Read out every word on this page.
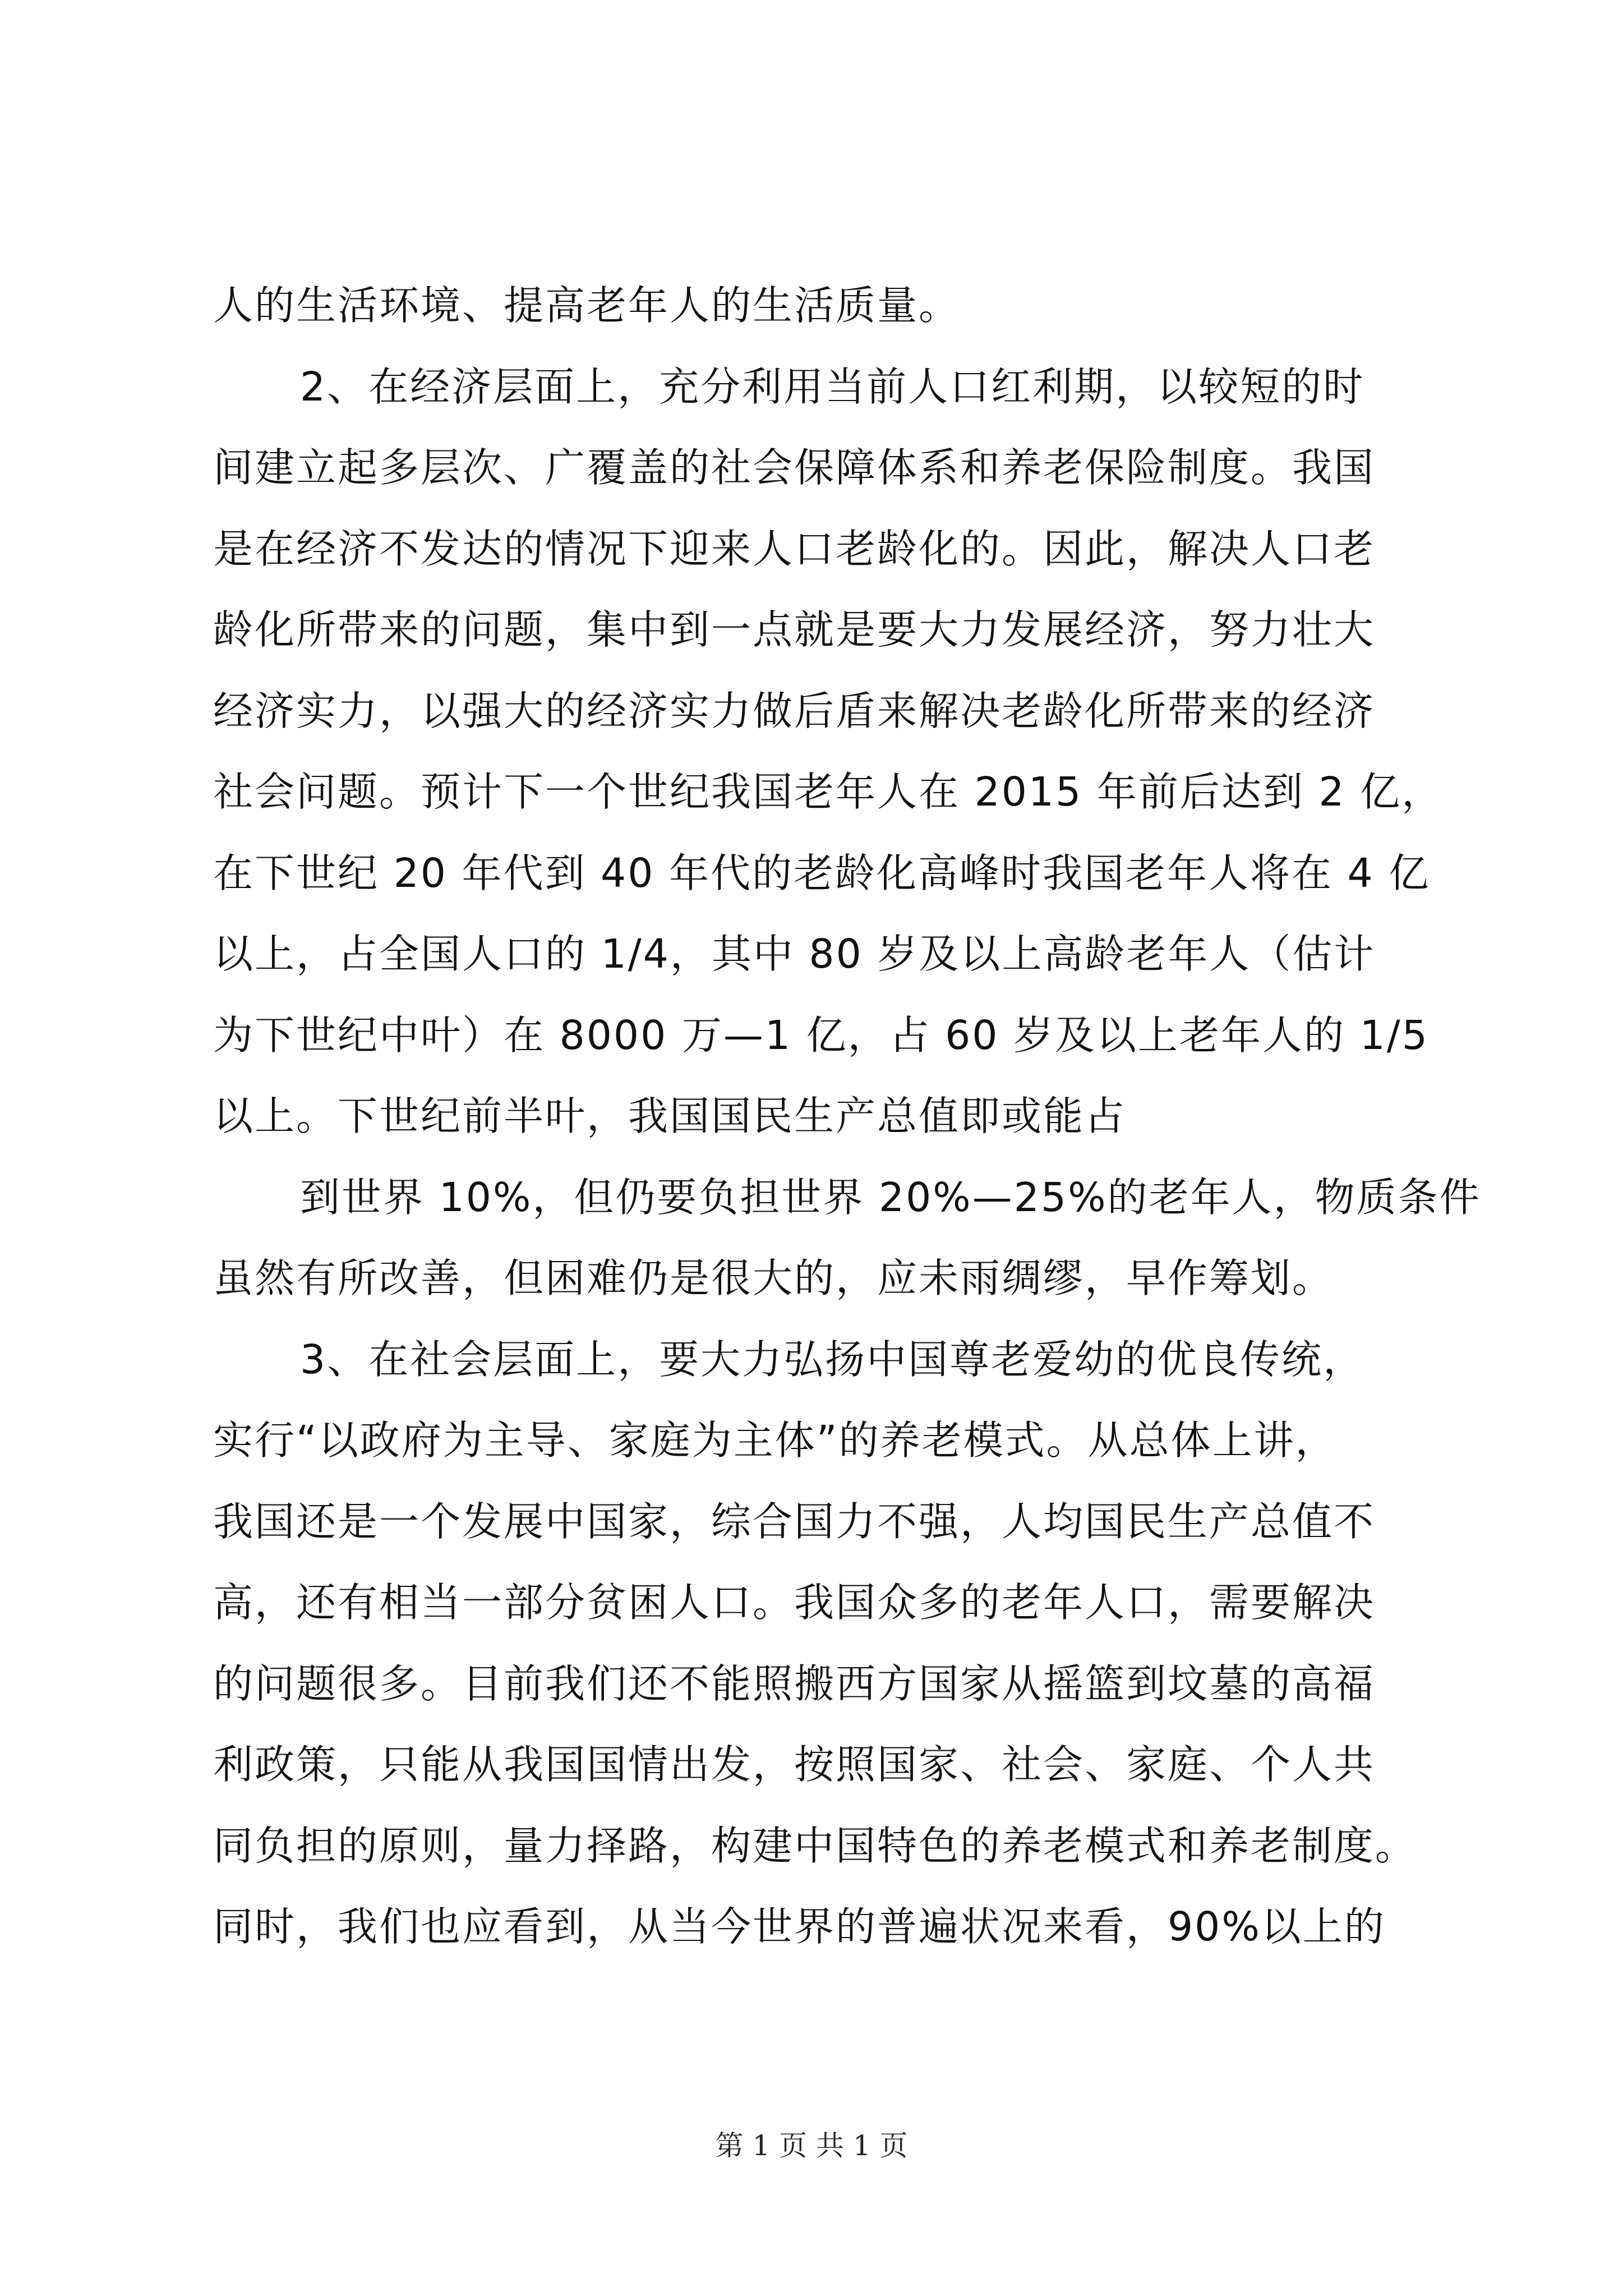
人的生活环境、提高老年人的生活质量。
2、在经济层面上，充分利用当前人口红利期，以较短的时
间建立起多层次、广覆盖的社会保障体系和养老保险制度。我国
是在经济不发达的情况下迎来人口老龄化的。因此，解决人口老
龄化所带来的问题，集中到一点就是要大力发展经济，努力壮大
经济实力，以强大的经济实力做后盾来解决老龄化所带来的经济
社会问题。预计下一个世纪我国老年人在 2015 年前后达到 2 亿，
在下世纪 20 年代到 40 年代的老龄化高峰时我国老年人将在 4 亿
以上，占全国人口的 1/4，其中 80 岁及以上高龄老年人（估计
为下世纪中叶）在 8000 万—1 亿，占 60 岁及以上老年人的 1/5
以上。下世纪前半叶，我国国民生产总值即或能占
到世界 10%，但仍要负担世界 20%—25%的老年人，物质条件
虽然有所改善，但困难仍是很大的，应未雨绸缪，早作筹划。
3、在社会层面上，要大力弘扬中国尊老爱幼的优良传统，
实行“以政府为主导、家庭为主体”的养老模式。从总体上讲，
我国还是一个发展中国家，综合国力不强，人均国民生产总值不
高，还有相当一部分贫困人口。我国众多的老年人口，需要解决
的问题很多。目前我们还不能照搬西方国家从摇篮到坟墓的高福
利政策，只能从我国国情出发，按照国家、社会、家庭、个人共
同负担的原则，量力择路，构建中国特色的养老模式和养老制度。
第 1 页 共 1 页
同时，我们也应看到，从当今世界的普遍状况来看，90%以上的
